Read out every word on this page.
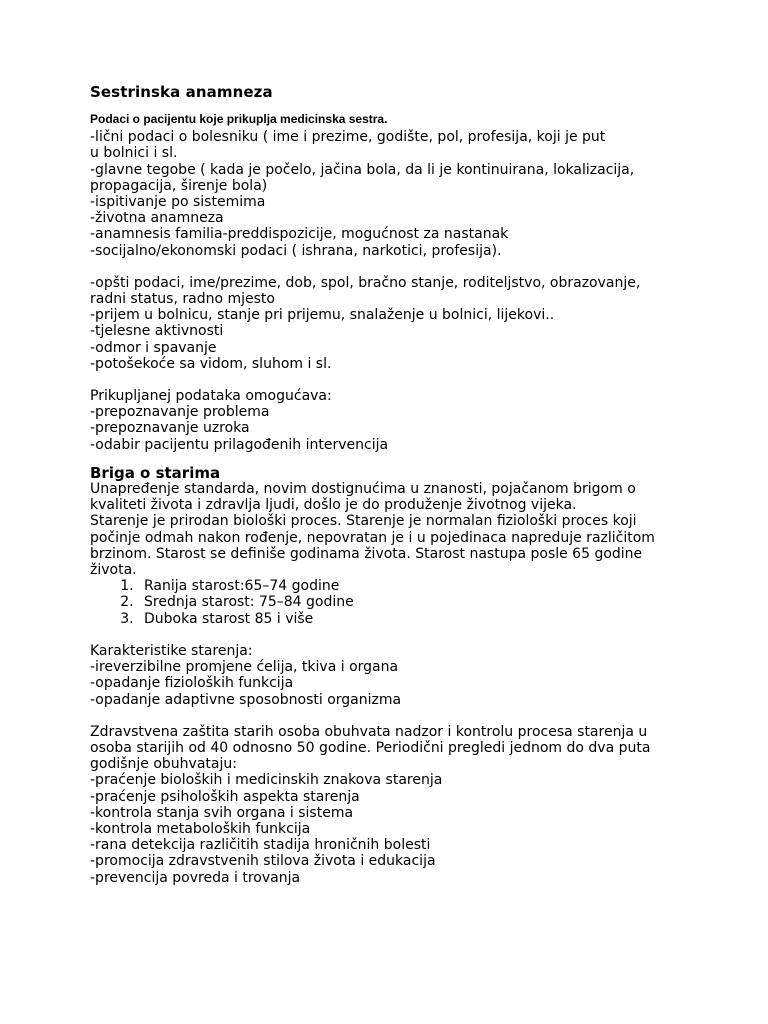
Sestrinska anamneza
Podaci o pacijentu koje prikuplja medicinska sestra.
-lični podaci o bolesniku ( ime i prezime, godište, pol, profesija, koji je put
u bolnici i sl.
-glavne tegobe ( kada je počelo, jačina bola, da li je kontinuirana, lokalizacija,
propagacija, širenje bola)
-ispitivanje po sistemima
-životna anamneza
-anamnesis familia-preddispozicije, mogućnost za nastanak
-socijalno/ekonomski podaci ( ishrana, narkotici, profesija).
-opšti podaci, ime/prezime, dob, spol, bračno stanje, roditeljstvo, obrazovanje,
radni status, radno mjesto
-prijem u bolnicu, stanje pri prijemu, snalaženje u bolnici, lijekovi..
-tjelesne aktivnosti
-odmor i spavanje
-potošekoće sa vidom, sluhom i sl.
Prikupljanej podataka omogućava:
-prepoznavanje problema
-prepoznavanje uzroka
-odabir pacijentu prilagođenih intervencija
Briga o starima
Unapređenje standarda, novim dostignućima u znanosti, pojačanom brigom o
kvaliteti života i zdravlja ljudi, došlo je do produženje životnog vijeka.
Starenje je prirodan biološki proces. Starenje je normalan fiziološki proces koji
počinje odmah nakon rođenje, nepovratan je i u pojedinaca napreduje različitom
brzinom. Starost se definiše godinama života. Starost nastupa posle 65 godine
života.
1. Ranija starost:65–74 godine
2. Srednja starost: 75–84 godine
3. Duboka starost 85 i više
Karakteristike starenja:
-ireverzibilne promjene ćelija, tkiva i organa
-opadanje fizioloških funkcija
-opadanje adaptivne sposobnosti organizma
Zdravstvena zaštita starih osoba obuhvata nadzor i kontrolu procesa starenja u
osoba starijih od 40 odnosno 50 godine. Periodični pregledi jednom do dva puta
godišnje obuhvataju:
-praćenje bioloških i medicinskih znakova starenja
-praćenje psiholoških aspekta starenja
-kontrola stanja svih organa i sistema
-kontrola metaboloških funkcija
-rana detekcija različitih stadija hroničnih bolesti
-promocija zdravstvenih stilova života i edukacija
-prevencija povreda i trovanja
